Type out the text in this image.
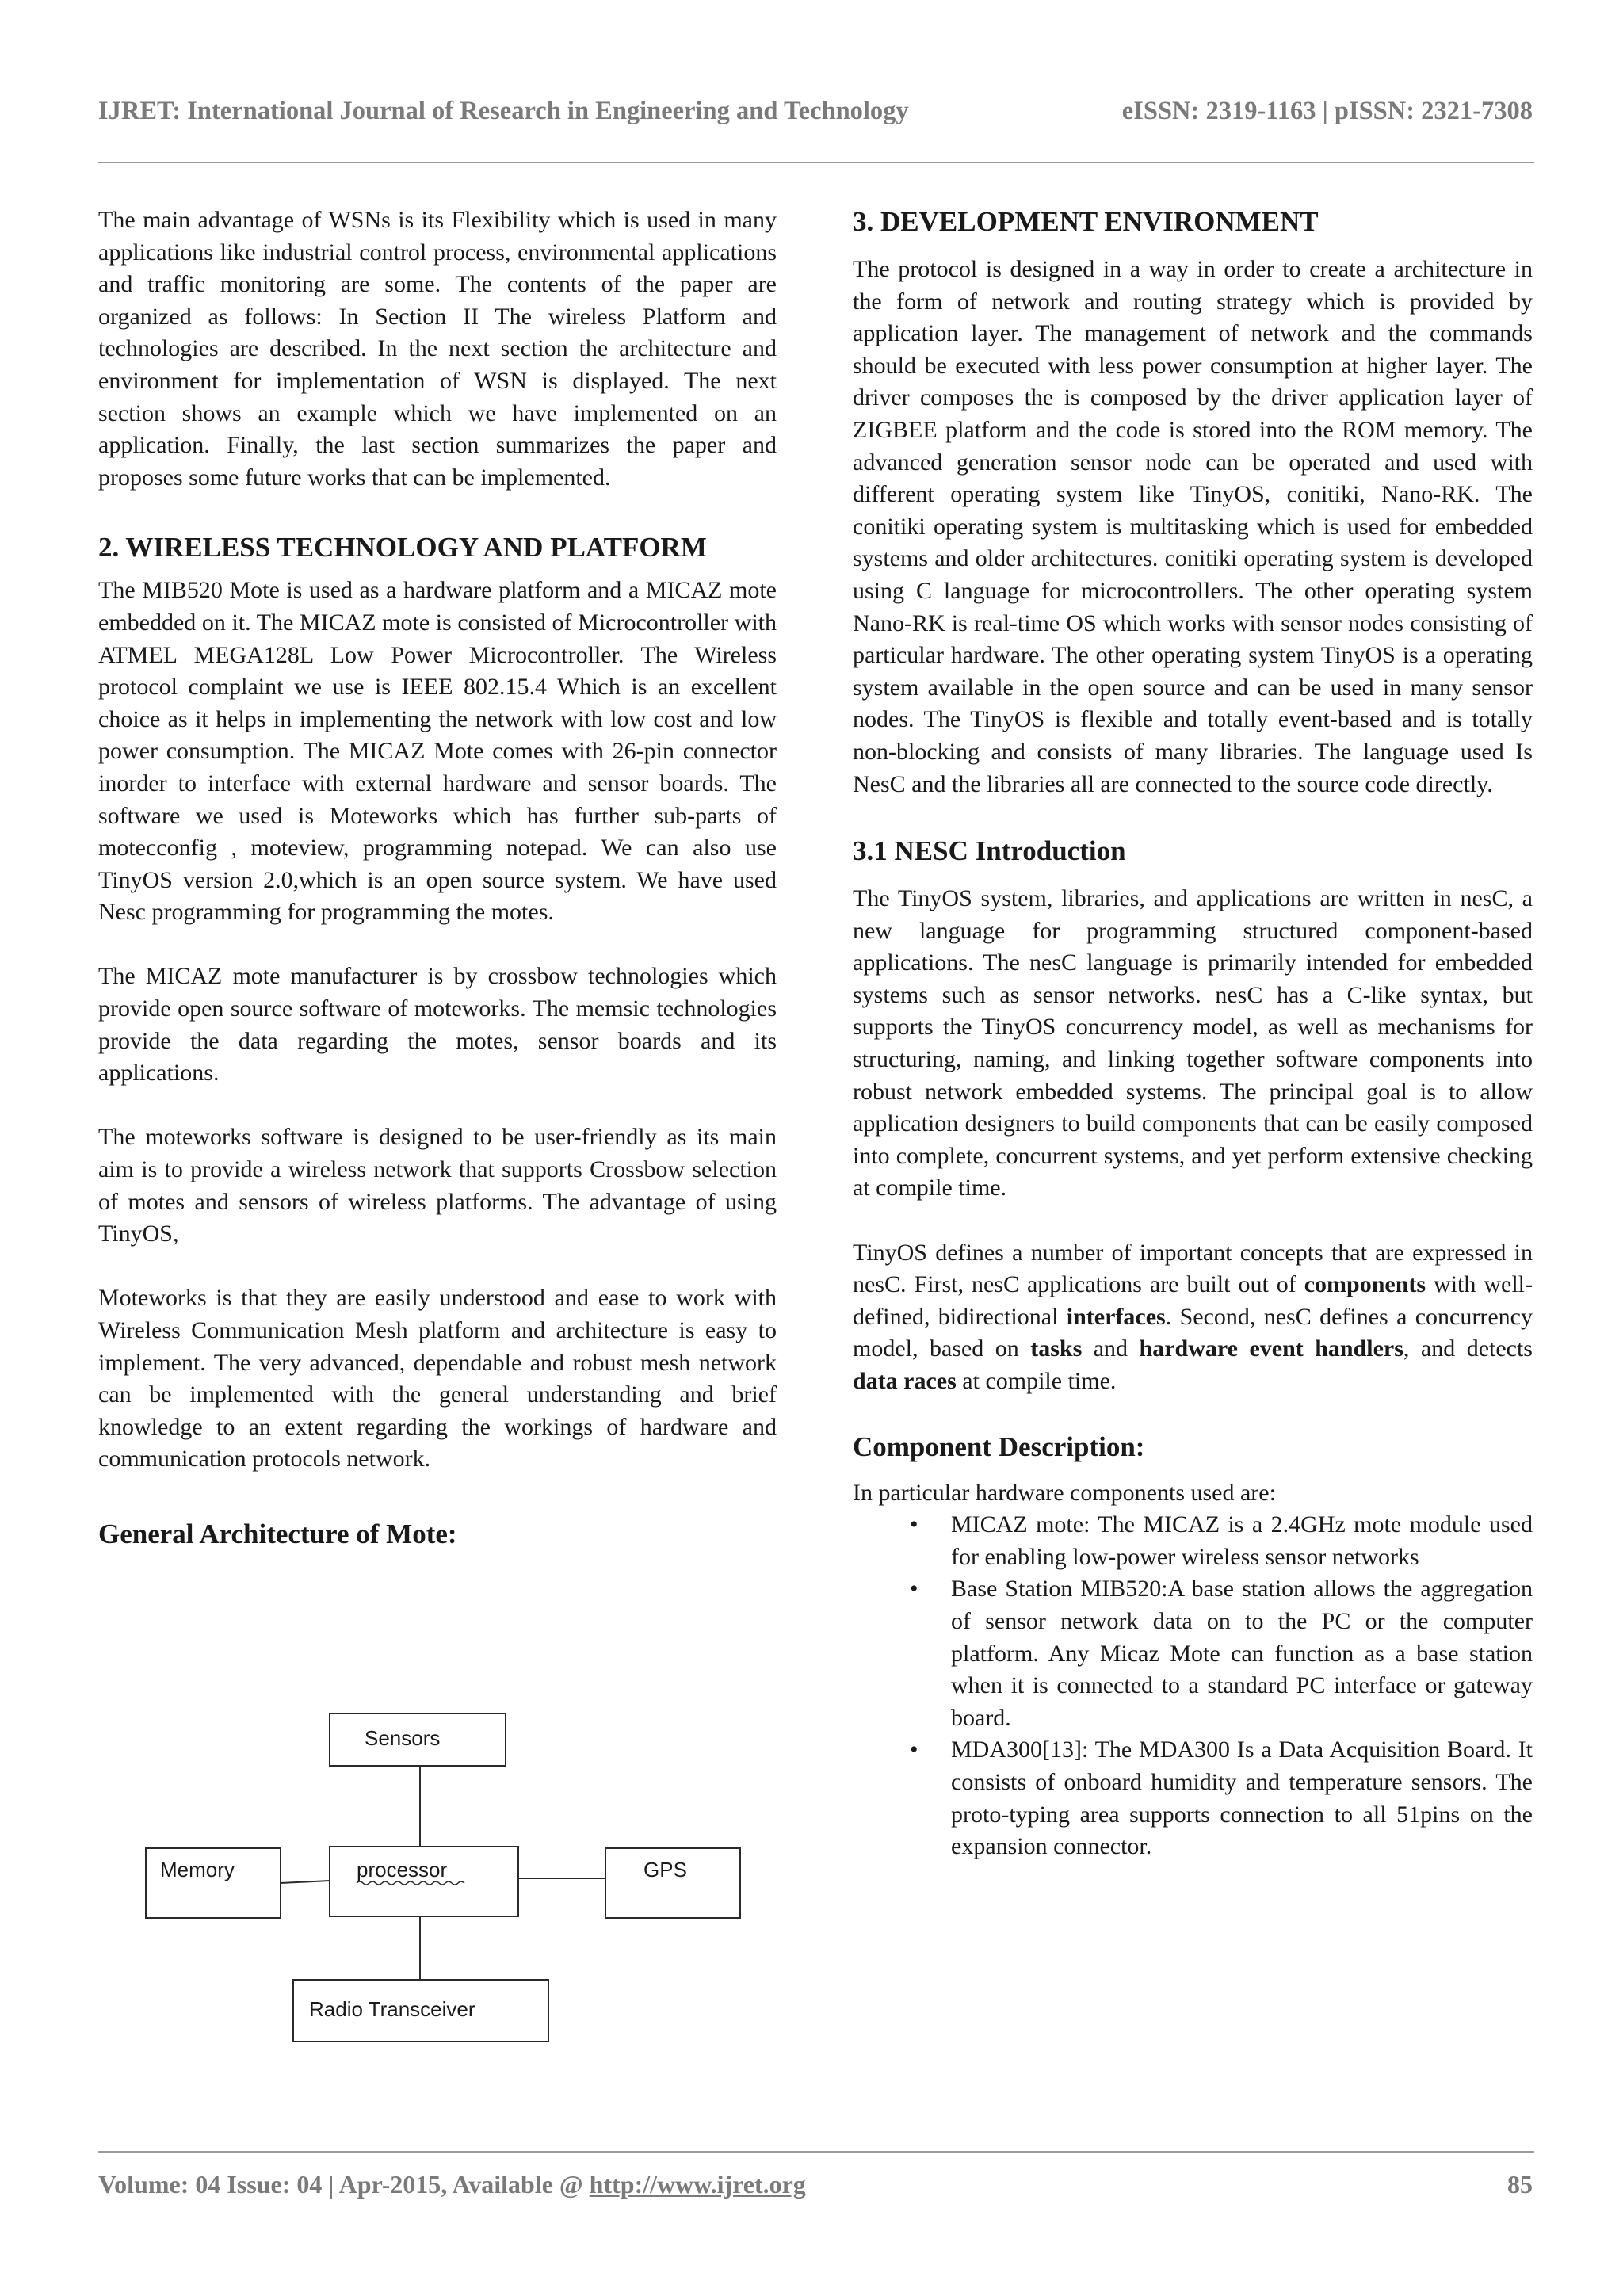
IJRET: International Journal of Research in Engineering and Technology	eISSN: 2319-1163 | pISSN: 2321-7308

The main advantage of WSNs is its Flexibility which is used in many applications like industrial control process, environmental applications and traffic monitoring are some. The contents of the paper are organized as follows: In Section II The wireless Platform and technologies are described. In the next section the architecture and environment for implementation of WSN is displayed. The next section shows an example which we have implemented on an application. Finally, the last section summarizes the paper and proposes some future works that can be implemented.

2. WIRELESS TECHNOLOGY AND PLATFORM

The MIB520 Mote is used as a hardware platform and a MICAZ mote embedded on it. The MICAZ mote is consisted of Microcontroller with ATMEL MEGA128L Low Power Microcontroller. The Wireless protocol complaint we use is IEEE 802.15.4 Which is an excellent choice as it helps in implementing the network with low cost and low power consumption. The MICAZ Mote comes with 26-pin connector inorder to interface with external hardware and sensor boards. The software we used is Moteworks which has further sub-parts of motecconfig , moteview, programming notepad. We can also use TinyOS version 2.0,which is an open source system. We have used Nesc programming for programming the motes.

The MICAZ mote manufacturer is by crossbow technologies which provide open source software of moteworks. The memsic technologies provide the data regarding the motes, sensor boards and its applications.

The moteworks software is designed to be user-friendly as its main aim is to provide a wireless network that supports Crossbow selection of motes and sensors of wireless platforms. The advantage of using TinyOS,

Moteworks is that they are easily understood and ease to work with Wireless Communication Mesh platform and architecture is easy to implement. The very advanced, dependable and robust mesh network can be implemented with the general understanding and brief knowledge to an extent regarding the workings of hardware and communication protocols network.

General Architecture of Mote:
Sensors
Memory	processor	GPS
Radio Transceiver
3. DEVELOPMENT ENVIRONMENT

The protocol is designed in a way in order to create a architecture in the form of network and routing strategy which is provided by application layer. The management of network and the commands should be executed with less power consumption at higher layer. The driver composes the is composed by the driver application layer of ZIGBEE platform and the code is stored into the ROM memory. The advanced generation sensor node can be operated and used with different operating system like TinyOS, conitiki, Nano-RK. The conitiki operating system is multitasking which is used for embedded systems and older architectures. conitiki operating system is developed using C language for microcontrollers. The other operating system Nano-RK is real-time OS which works with sensor nodes consisting of particular hardware. The other operating system TinyOS is a operating system available in the open source and can be used in many sensor nodes. The TinyOS is flexible and totally event-based and is totally non-blocking and consists of many libraries. The language used Is NesC and the libraries all are connected to the source code directly.

3.1 NESC Introduction

The TinyOS system, libraries, and applications are written in nesC, a new language for programming structured component-based applications. The nesC language is primarily intended for embedded systems such as sensor networks. nesC has a C-like syntax, but supports the TinyOS concurrency model, as well as mechanisms for structuring, naming, and linking together software components into robust network embedded systems. The principal goal is to allow application designers to build components that can be easily composed into complete, concurrent systems, and yet perform extensive checking at compile time.

TinyOS defines a number of important concepts that are expressed in nesC. First, nesC applications are built out of components with well-defined, bidirectional interfaces. Second, nesC defines a concurrency model, based on tasks and hardware event handlers, and detects data races at compile time.

Component Description:

In particular hardware components used are:

• MICAZ mote: The MICAZ is a 2.4GHz mote module used for enabling low-power wireless sensor networks
• Base Station MIB520:A base station allows the aggregation of sensor network data on to the PC or the computer platform. Any Micaz Mote can function as a base station when it is connected to a standard PC interface or gateway board.
• MDA300[13]: The MDA300 Is a Data Acquisition Board. It consists of onboard humidity and temperature sensors. The proto-typing area supports connection to all 51pins on the expansion connector.
Volume: 04 Issue: 04 | Apr-2015, Available @ http://www.ijret.org	85
